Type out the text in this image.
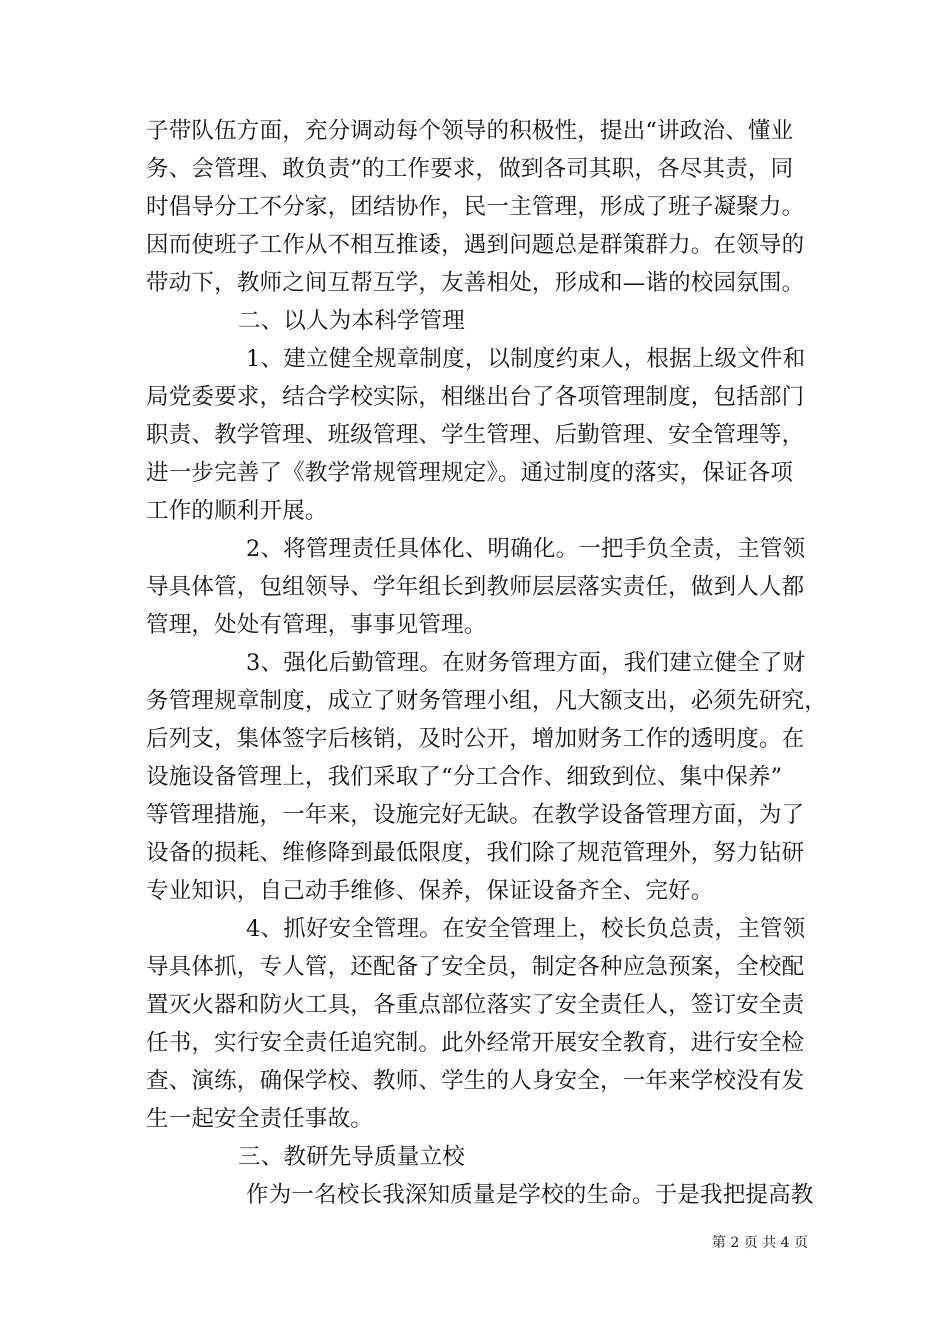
子带队伍方面，充分调动每个领导的积极性，提出“讲政治、懂业
务、会管理、敢负责”的工作要求，做到各司其职，各尽其责，同
时倡导分工不分家，团结协作，民一主管理，形成了班子凝聚力。
因而使班子工作从不相互推诿，遇到问题总是群策群力。在领导的
带动下，教师之间互帮互学，友善相处，形成和—谐的校园氛围。
二、以人为本科学管理
1、建立健全规章制度，以制度约束人，根据上级文件和
局党委要求，结合学校实际，相继出台了各项管理制度，包括部门
职责、教学管理、班级管理、学生管理、后勤管理、安全管理等，
进一步完善了《教学常规管理规定》。通过制度的落实，保证各项
工作的顺利开展。
2、将管理责任具体化、明确化。一把手负全责，主管领
导具体管，包组领导、学年组长到教师层层落实责任，做到人人都
管理，处处有管理，事事见管理。
3、强化后勤管理。在财务管理方面，我们建立健全了财
务管理规章制度，成立了财务管理小组，凡大额支出，必须先研究，
后列支，集体签字后核销，及时公开，增加财务工作的透明度。在
设施设备管理上，我们采取了“分工合作、细致到位、集中保养”
等管理措施，一年来，设施完好无缺。在教学设备管理方面，为了
设备的损耗、维修降到最低限度，我们除了规范管理外，努力钻研
专业知识，自己动手维修、保养，保证设备齐全、完好。
4、抓好安全管理。在安全管理上，校长负总责，主管领
导具体抓，专人管，还配备了安全员，制定各种应急预案，全校配
置灭火器和防火工具，各重点部位落实了安全责任人，签订安全责
任书，实行安全责任追究制。此外经常开展安全教育，进行安全检
查、演练，确保学校、教师、学生的人身安全，一年来学校没有发
生一起安全责任事故。
三、教研先导质量立校
作为一名校长我深知质量是学校的生命。于是我把提高教
第 2 页 共 4 页
